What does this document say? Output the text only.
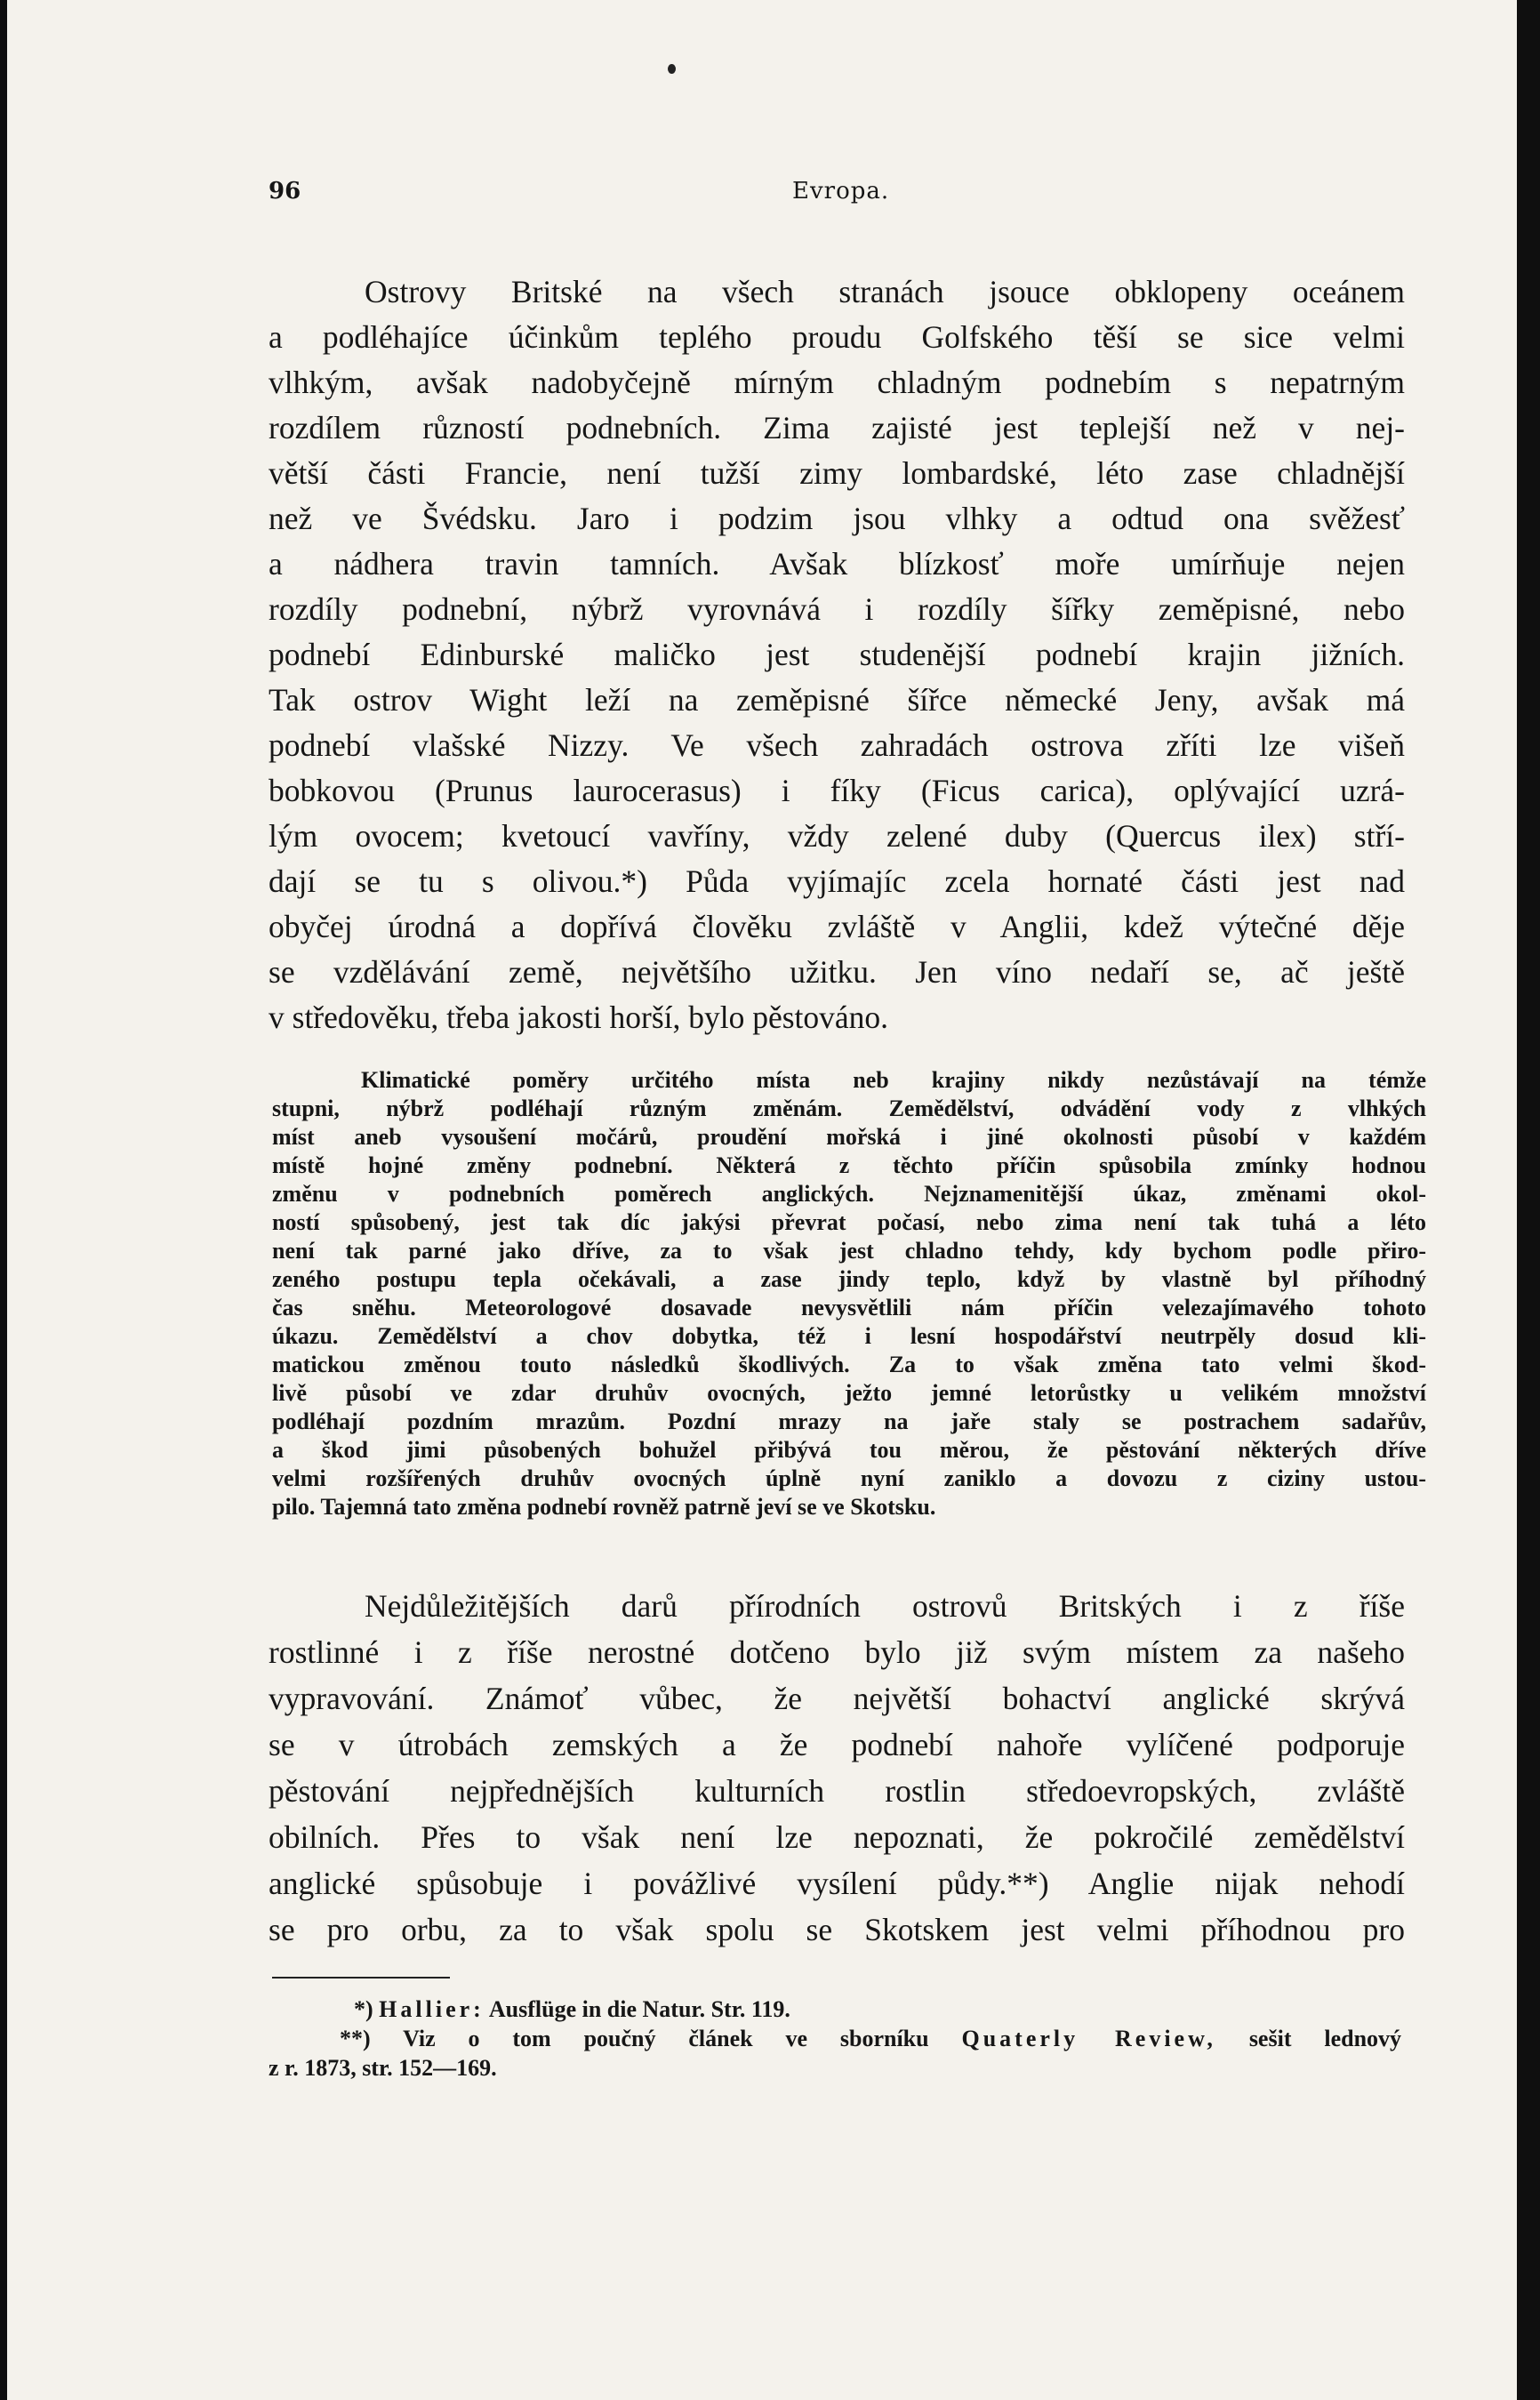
96	Evropa.
Ostrovy Britské na všech stranách jsouce obklopeny oceánem
a podléhajíce účinkům teplého proudu Golfského těší se sice velmi
vlhkým, avšak nadobyčejně mírným chladným podnebím s nepatrným
rozdílem růzností podnebních. Zima zajisté jest teplejší než v nej-
větší části Francie, není tužší zimy lombardské, léto zase chladnější
než ve Švédsku. Jaro i podzim jsou vlhky a odtud ona svěžesť
a nádhera travin tamních. Avšak blízkosť moře umírňuje nejen
rozdíly podnební, nýbrž vyrovnává i rozdíly šířky zeměpisné, nebo
podnebí Edinburské maličko jest studenější podnebí krajin jižních.
Tak ostrov Wight leží na zeměpisné šířce německé Jeny, avšak má
podnebí vlašské Nizzy. Ve všech zahradách ostrova zříti lze višeň
bobkovou (Prunus laurocerasus) i fíky (Ficus carica), oplývající uzrá-
lým ovocem; kvetoucí vavříny, vždy zelené duby (Quercus ilex) stří-
dají se tu s olivou.*) Půda vyjímajíc zcela hornaté části jest nad
obyčej úrodná a dopřívá člověku zvláště v Anglii, kdež výtečné děje
se vzdělávání země, největšího užitku. Jen víno nedaří se, ač ještě
v středověku, třeba jakosti horší, bylo pěstováno.
Klimatické poměry určitého místa neb krajiny nikdy nezůstávají na témže
stupni, nýbrž podléhají různým změnám. Zemědělství, odvádění vody z vlhkých
míst aneb vysoušení močárů, proudění mořská i jiné okolnosti působí v každém
místě hojné změny podnební. Některá z těchto příčin spůsobila zmínky hodnou
změnu v podnebních poměrech anglických. Nejznamenitější úkaz, změnami okol-
ností spůsobený, jest tak díc jakýsi převrat počasí, nebo zima není tak tuhá a léto
není tak parné jako dříve, za to však jest chladno tehdy, kdy bychom podle přiro-
zeného postupu tepla očekávali, a zase jindy teplo, když by vlastně byl příhodný
čas sněhu. Meteorologové dosavade nevysvětlili nám příčin velezajímavého tohoto
úkazu. Zemědělství a chov dobytka, též i lesní hospodářství neutrpěly dosud kli-
matickou změnou touto následků škodlivých. Za to však změna tato velmi škod-
livě působí ve zdar druhův ovocných, ježto jemné letorůstky u velikém množství
podléhají pozdním mrazům. Pozdní mrazy na jaře staly se postrachem sadařův,
a škod jimi působených bohužel přibývá tou měrou, že pěstování některých dříve
velmi rozšířených druhův ovocných úplně nyní zaniklo a dovozu z ciziny ustou-
pilo. Tajemná tato změna podnebí rovněž patrně jeví se ve Skotsku.
Nejdůležitějších darů přírodních ostrovů Britských i z říše
rostlinné i z říše nerostné dotčeno bylo již svým místem za našeho
vypravování. Známoť vůbec, že největší bohactví anglické skrývá
se v útrobách zemských a že podnebí nahoře vylíčené podporuje
pěstování nejpřednějších kulturních rostlin středoevropských, zvláště
obilních. Přes to však není lze nepoznati, že pokročilé zemědělství
anglické spůsobuje i povážlivé vysílení půdy.**) Anglie nijak nehodí
se pro orbu, za to však spolu se Skotskem jest velmi příhodnou pro
*) Hallier: Ausflüge in die Natur. Str. 119.
**) Viz o tom poučný článek ve sborníku Quaterly Review, sešit lednový
z r. 1873, str. 152—169.
